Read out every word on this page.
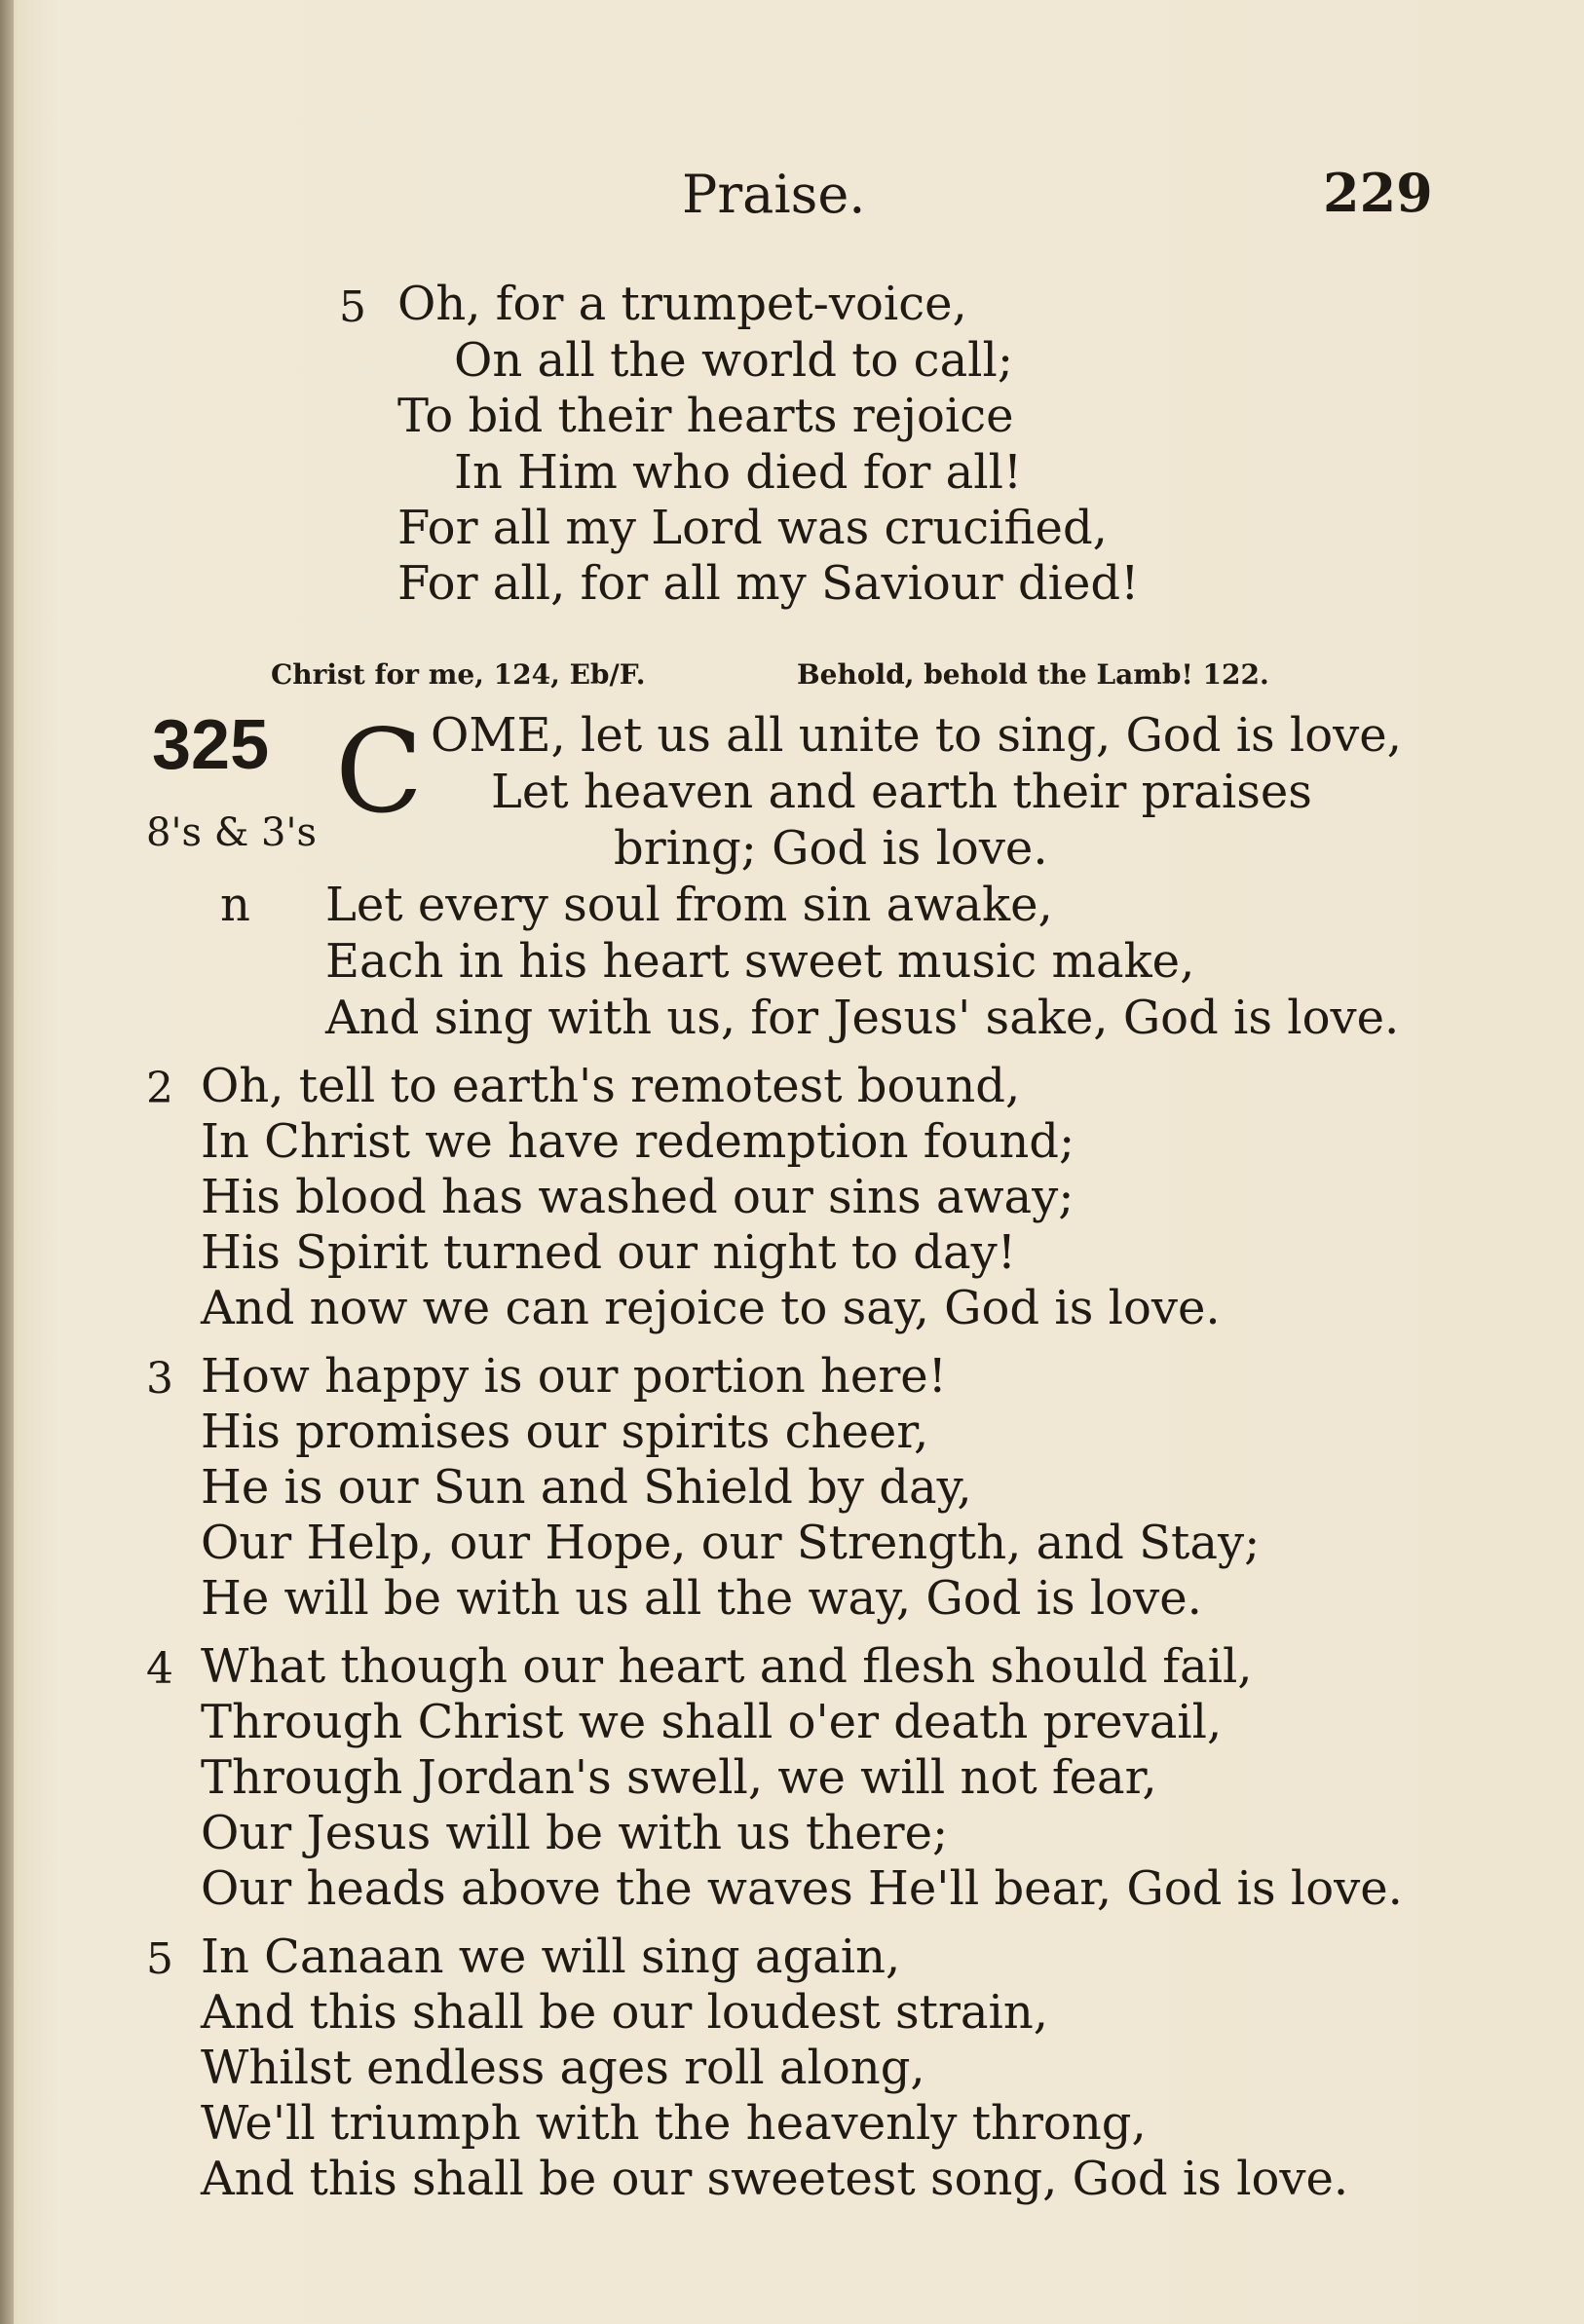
Praise.	229
5 Oh, for a trumpet-voice,
On all the world to call;
To bid their hearts rejoice
In Him who died for all!
For all my Lord was crucified,
For all, for all my Saviour died!
Christ for me, 124, Eb/F.	Behold, behold the Lamb! 122.
325
8's & 3's C OME, let us all unite to sing, God is love,
Let heaven and earth their praises
bring; God is love.
n Let every soul from sin awake,
Each in his heart sweet music make,
And sing with us, for Jesus' sake, God is love.
2 Oh, tell to earth's remotest bound,
In Christ we have redemption found;
His blood has washed our sins away;
His Spirit turned our night to day!
And now we can rejoice to say, God is love.
3 How happy is our portion here!
His promises our spirits cheer,
He is our Sun and Shield by day,
Our Help, our Hope, our Strength, and Stay;
He will be with us all the way, God is love.
4 What though our heart and flesh should fail,
Through Christ we shall o'er death prevail,
Through Jordan's swell, we will not fear,
Our Jesus will be with us there;
Our heads above the waves He'll bear, God is love.
5 In Canaan we will sing again,
And this shall be our loudest strain,
Whilst endless ages roll along,
We'll triumph with the heavenly throng,
And this shall be our sweetest song, God is love.
